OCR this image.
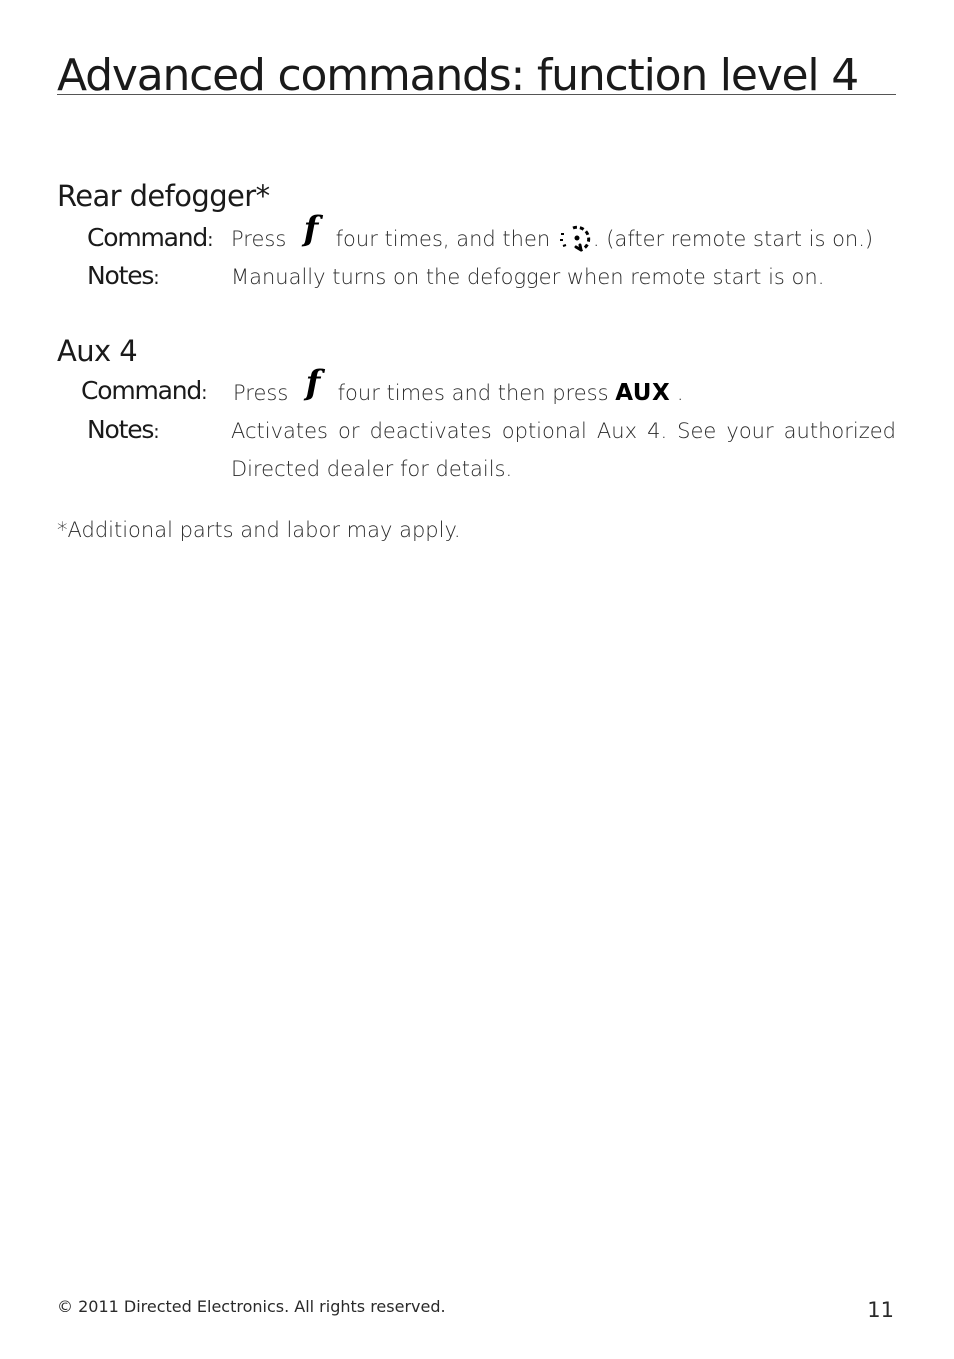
Advanced commands: function level 4
Rear defogger*
Command: Press f four times, and then . (after remote start is on.)
Notes:	Manually turns on the defogger when remote start is on.
Aux 4
Command: Press f four times and then press AUX .
Notes:	Activates or deactivates optional Aux 4. See your authorized Directed dealer for details.
*Additional parts and labor may apply.
© 2011 Directed Electronics. All rights reserved.	11
